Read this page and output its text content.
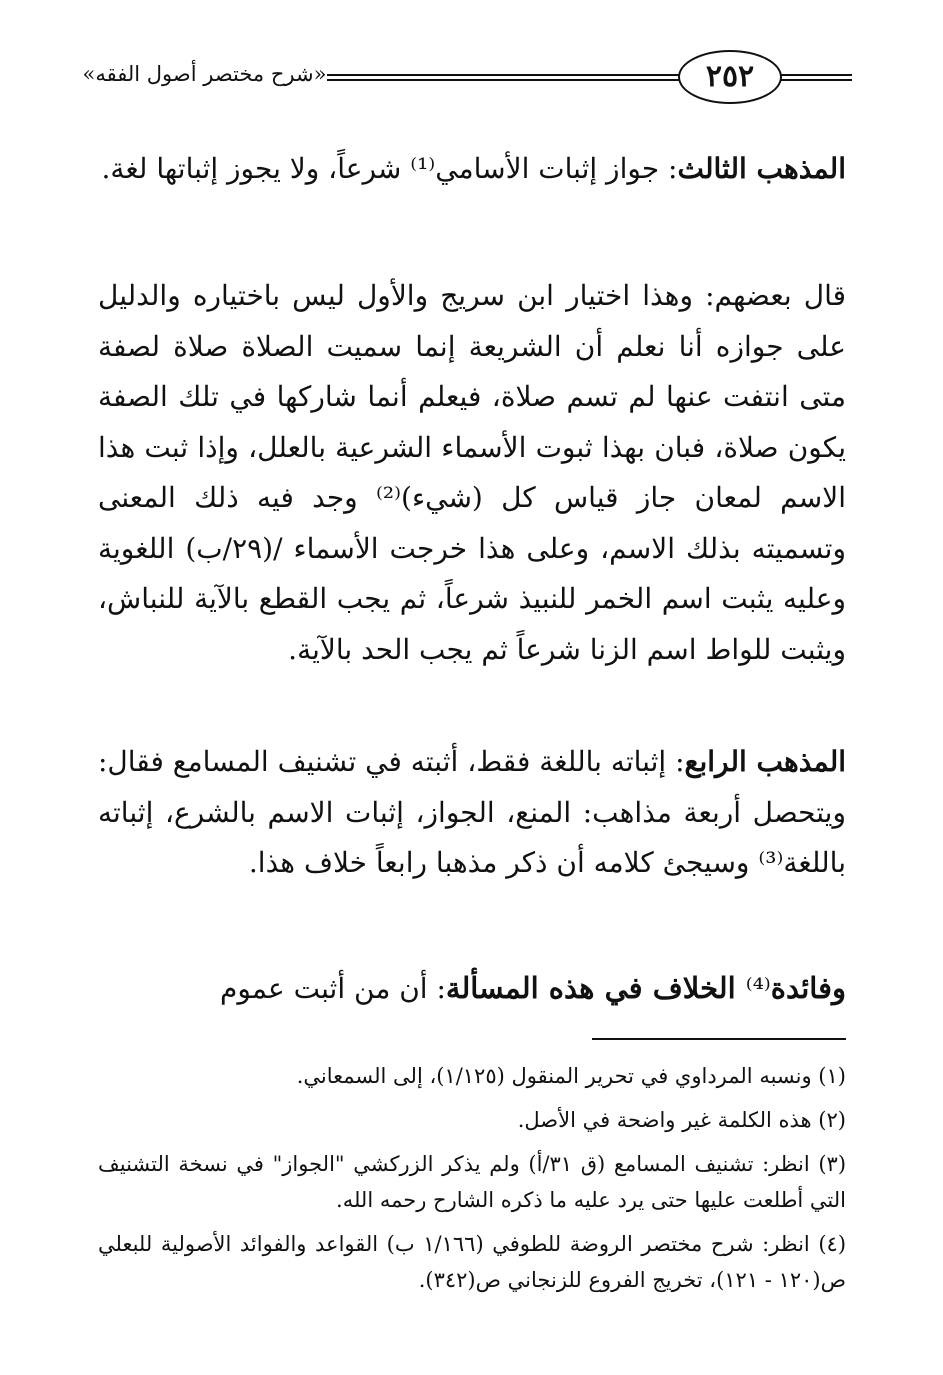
«شرح مختصر أصول الفقه»	٢٥٢
المذهب الثالث: جواز إثبات الأسامي⁽¹⁾ شرعاً، ولا يجوز إثباتها لغة.
قال بعضهم: وهذا اختيار ابن سريج والأول ليس باختياره والدليل على جوازه أنا نعلم أن الشريعة إنما سميت الصلاة صلاة لصفة متى انتفت عنها لم تسم صلاة، فيعلم أنما شاركها في تلك الصفة يكون صلاة، فبان بهذا ثبوت الأسماء الشرعية بالعلل، وإذا ثبت هذا الاسم لمعان جاز قياس كل (شيء)⁽²⁾ وجد فيه ذلك المعنى وتسميته بذلك الاسم، وعلى هذا خرجت الأسماء /(٢٩/ب) اللغوية وعليه يثبت اسم الخمر للنبيذ شرعاً، ثم يجب القطع بالآية للنباش، ويثبت للواط اسم الزنا شرعاً ثم يجب الحد بالآية.
المذهب الرابع: إثباته باللغة فقط، أثبته في تشنيف المسامع فقال: ويتحصل أربعة مذاهب: المنع، الجواز، إثبات الاسم بالشرع، إثباته باللغة⁽³⁾ وسيجئ كلامه أن ذكر مذهبا رابعاً خلاف هذا.
وفائدة⁽⁴⁾ الخلاف في هذه المسألة: أن من أثبت عموم
(١) ونسبه المرداوي في تحرير المنقول (١/١٢٥)، إلى السمعاني.
(٢) هذه الكلمة غير واضحة في الأصل.
(٣) انظر: تشنيف المسامع (ق ٣١/أ) ولم يذكر الزركشي "الجواز" في نسخة التشنيف التي أطلعت عليها حتى يرد عليه ما ذكره الشارح رحمه الله.
(٤) انظر: شرح مختصر الروضة للطوفي (١/١٦٦ ب) القواعد والفوائد الأصولية للبعلي ص(١٢٠ - ١٢١)، تخريج الفروع للزنجاني ص(٣٤٢).
